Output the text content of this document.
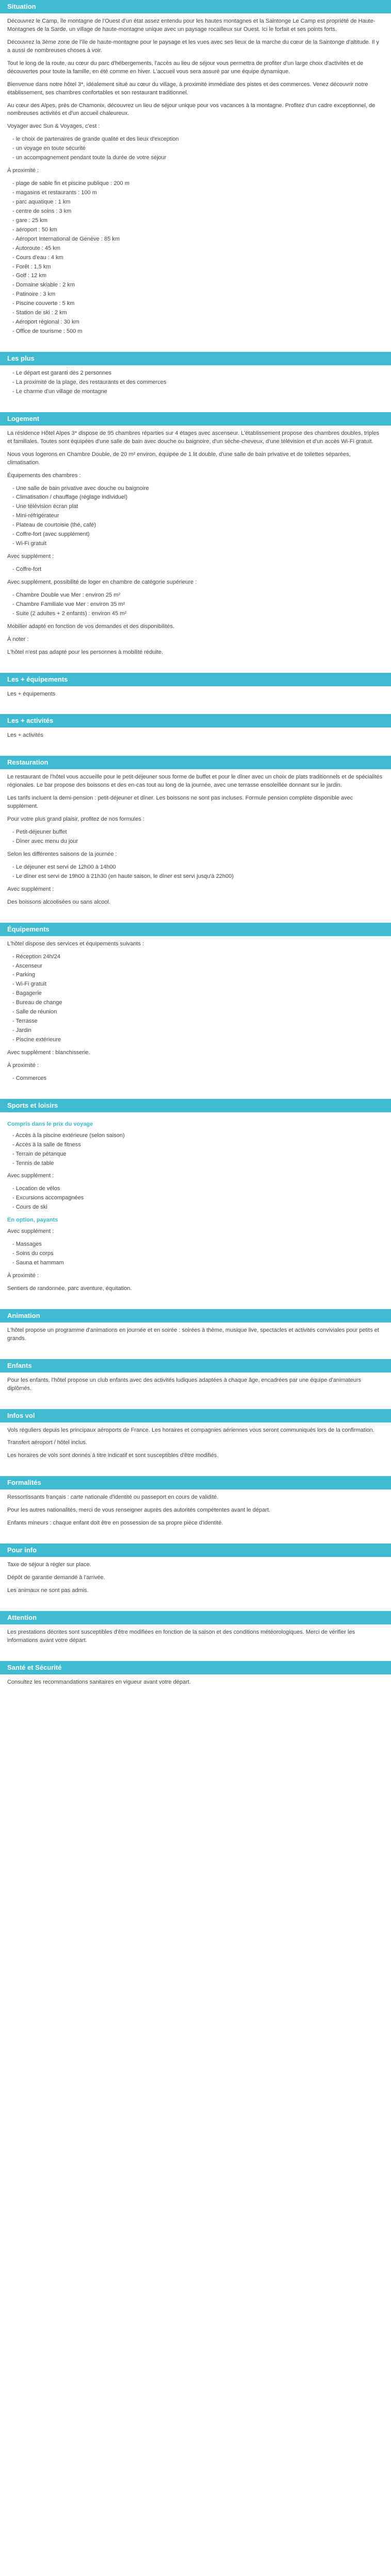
Situation

Découvrez le Camp, île montagne de l'Ouest d'un état assez entendu pour les hautes montagnes et la Saintonge Le Camp est propriété de Haute-Montagnes de la Sarde, un village de haute-montagne unique avec un paysage rocailleux sur Ouest. Ici le forfait et ses points forts.

Découvrez la 3ème zone de l'île de haute-montagne pour le paysage et les vues avec ses lieux de la marche du cœur de la Saintonge d'altitude. Il y a aussi de nombreuses choses à voir.

Tout le long de la route, au cœur du parc d'hébergements, l'accès au lieu de séjour vous permettra de profiter d'un large choix d'activités et de découvertes pour toute la famille, en été comme en hiver. L'accueil vous sera assuré par une équipe dynamique.

Bienvenue dans notre hôtel 3*, idéalement situé au cœur du village, à proximité immédiate des pistes et des commerces. Venez découvrir notre établissement, ses chambres confortables et son restaurant traditionnel.

Au cœur des Alpes, près de Chamonix, découvrez un lieu de séjour unique pour vos vacances à la montagne. Profitez d'un cadre exceptionnel, de nombreuses activités et d'un accueil chaleureux.

Voyager avec Sun & Voyages, c'est :

- le choix de partenaires de grande qualité et des lieux d'exception
- un voyage en toute sécurité
- un accompagnement pendant toute la durée de votre séjour

À proximité :

- plage de sable fin et piscine publique : 200 m
- magasins et restaurants : 100 m
- parc aquatique : 1 km
- centre de soins : 3 km
- gare : 25 km
- aéroport : 50 km
- Aéroport International de Genève : 85 km
- Autoroute : 45 km
- Cours d'eau : 4 km
- Forêt : 1,5 km
- Golf : 12 km
- Domaine skiable : 2 km
- Patinoire : 3 km
- Piscine couverte : 5 km
- Station de ski : 2 km
- Aéroport régional : 30 km
- Office de tourisme : 500 m
Les plus
- Le départ est garanti dès 2 personnes
- La proximité de la plage, des restaurants et des commerces
- Le charme d'un village de montagne
Logement

La résidence Hôtel Alpes 3* dispose de 95 chambres réparties sur 4 étages avec ascenseur. L'établissement propose des chambres doubles, triples et familiales. Toutes sont équipées d'une salle de bain avec douche ou baignoire, d'un sèche-cheveux, d'une télévision et d'un accès Wi-Fi gratuit.

Nous vous logerons en Chambre Double, de 20 m² environ, équipée de 1 lit double, d'une salle de bain privative et de toilettes séparées, climatisation.

Équipements des chambres :

- Une salle de bain privative avec douche ou baignoire
- Climatisation / chauffage (réglage individuel)
- Une télévision écran plat
- Mini-réfrigérateur
- Plateau de courtoisie (thé, café)
- Coffre-fort (avec supplément)
- Wi-Fi gratuit

Avec supplément :

- Coffre-fort

Avec supplément, possibilité de loger en chambre de catégorie supérieure :

- Chambre Double vue Mer : environ 25 m²
- Chambre Familiale vue Mer : environ 35 m²
- Suite (2 adultes + 2 enfants) : environ 45 m²

Mobilier adapté en fonction de vos demandes et des disponibilités.

À noter :

L'hôtel n'est pas adapté pour les personnes à mobilité réduite.

Les + équipements

Les + équipements

Les + activités

Les + activités

Restauration

Le restaurant de l'hôtel vous accueille pour le petit-déjeuner sous forme de buffet et pour le dîner avec un choix de plats traditionnels et de spécialités régionales. Le bar propose des boissons et des en-cas tout au long de la journée, avec une terrasse ensoleillée donnant sur le jardin.

Les tarifs incluent la demi-pension : petit-déjeuner et dîner. Les boissons ne sont pas incluses. Formule pension complète disponible avec supplément.

Pour votre plus grand plaisir, profitez de nos formules :

- Petit-déjeuner buffet
- Dîner avec menu du jour

Selon les différentes saisons de la journée :

- Le déjeuner est servi de 12h00 à 14h00
- Le dîner est servi de 19h00 à 21h30 (en haute saison, le dîner est servi jusqu'à 22h00)

Avec supplément :

Des boissons alcoolisées ou sans alcool.

Équipements

L'hôtel dispose des services et équipements suivants :

- Réception 24h/24
- Ascenseur
- Parking
- Wi-Fi gratuit
- Bagagerie
- Bureau de change
- Salle de réunion
- Terrasse
- Jardin
- Piscine extérieure

Avec supplément : blanchisserie.

À proximité :

- Commerces
Sports et loisirs

Compris dans le prix du voyage

- Accès à la piscine extérieure (selon saison)
- Accès à la salle de fitness
- Terrain de pétanque
- Tennis de table

Avec supplément :

- Location de vélos
- Excursions accompagnées
- Cours de ski

En option, payants

Avec supplément :

- Massages
- Soins du corps
- Sauna et hammam

À proximité :

Sentiers de randonnée, parc aventure, équitation.

Animation

L'hôtel propose un programme d'animations en journée et en soirée : soirées à thème, musique live, spectacles et activités conviviales pour petits et grands.

Enfants

Pour les enfants, l'hôtel propose un club enfants avec des activités ludiques adaptées à chaque âge, encadrées par une équipe d'animateurs diplômés.

Infos vol

Vols réguliers depuis les principaux aéroports de France. Les horaires et compagnies aériennes vous seront communiqués lors de la confirmation.

Transfert aéroport / hôtel inclus.

Les horaires de vols sont donnés à titre indicatif et sont susceptibles d'être modifiés.

Formalités

Ressortissants français : carte nationale d'identité ou passeport en cours de validité.

Pour les autres nationalités, merci de vous renseigner auprès des autorités compétentes avant le départ.

Enfants mineurs : chaque enfant doit être en possession de sa propre pièce d'identité.

Pour info

Taxe de séjour à régler sur place.

Dépôt de garantie demandé à l'arrivée.

Les animaux ne sont pas admis.

Attention

Les prestations décrites sont susceptibles d'être modifiées en fonction de la saison et des conditions météorologiques. Merci de vérifier les informations avant votre départ.

Santé et Sécurité

Consultez les recommandations sanitaires en vigueur avant votre départ.
